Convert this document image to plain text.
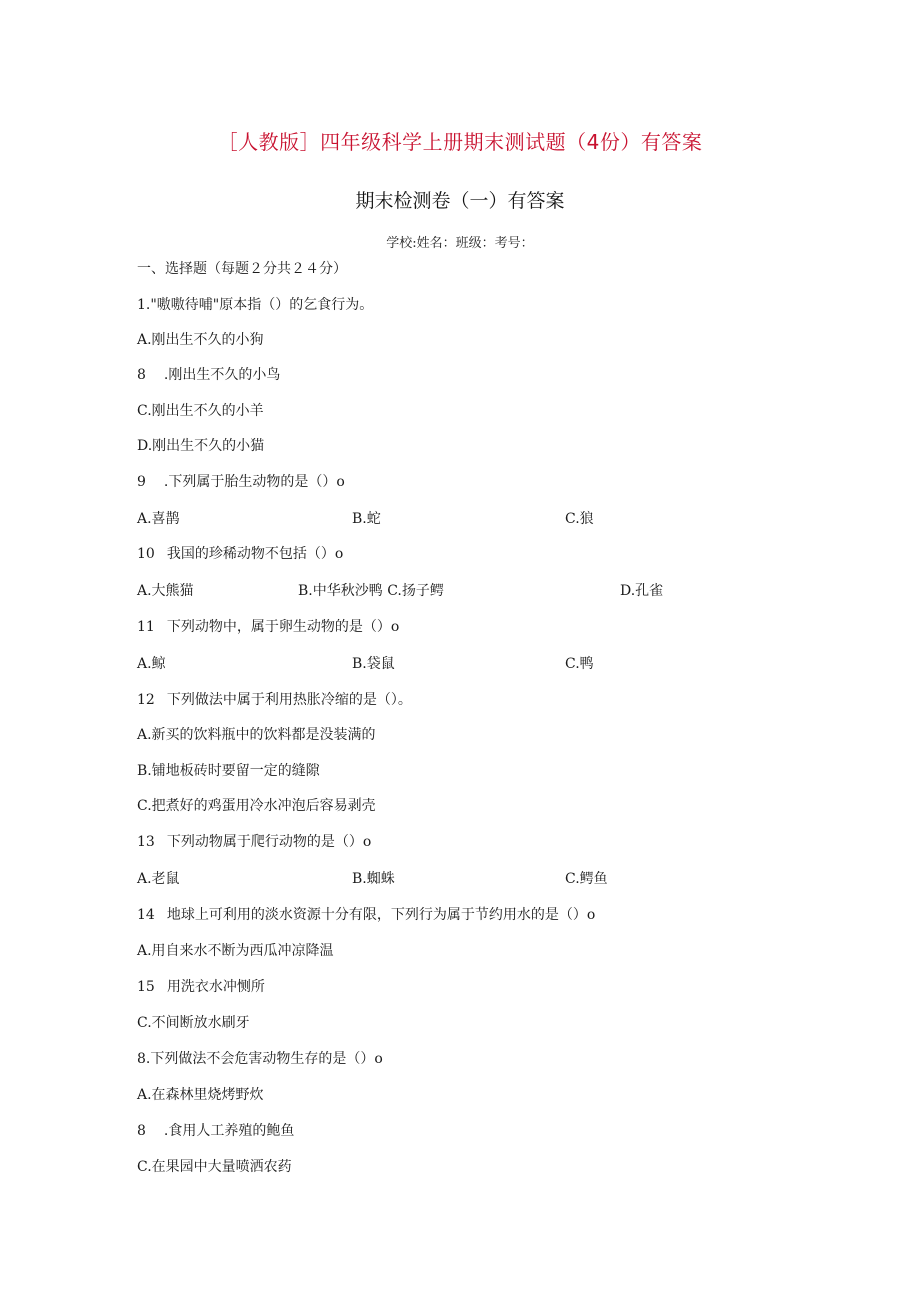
［人教版］四年级科学上册期末测试题（4份）有答案
期末检测卷（一）有答案
学校:姓名：班级：考号：
一、选择题（每题２分共２４分）
1."嗷嗷待哺"原本指（）的乞食行为。
A.刚出生不久的小狗
8 .刚出生不久的小鸟
C.刚出生不久的小羊
D.刚出生不久的小猫
9 .下列属于胎生动物的是（）o
A.喜鹊	B.蛇	C.狼
10 我国的珍稀动物不包括（）o
A.大熊猫	B.中华秋沙鸭 C.扬子鳄	D.孔雀
11 下列动物中，属于卵生动物的是（）o
A.鲸	B.袋鼠	C.鸭
12 下列做法中属于利用热胀冷缩的是（）。
A.新买的饮料瓶中的饮料都是没装满的
B.铺地板砖时要留一定的缝隙
C.把煮好的鸡蛋用冷水冲泡后容易剥壳
13 下列动物属于爬行动物的是（）o
A.老鼠	B.蜘蛛	C.鳄鱼
14 地球上可利用的淡水资源十分有限，下列行为属于节约用水的是（）o
A.用自来水不断为西瓜冲凉降温
15 用洗衣水冲恻所
C.不间断放水刷牙
8.下列做法不会危害动物生存的是（）o
A.在森林里烧烤野炊
8 .食用人工养殖的鲍鱼
C.在果园中大量喷洒农药
